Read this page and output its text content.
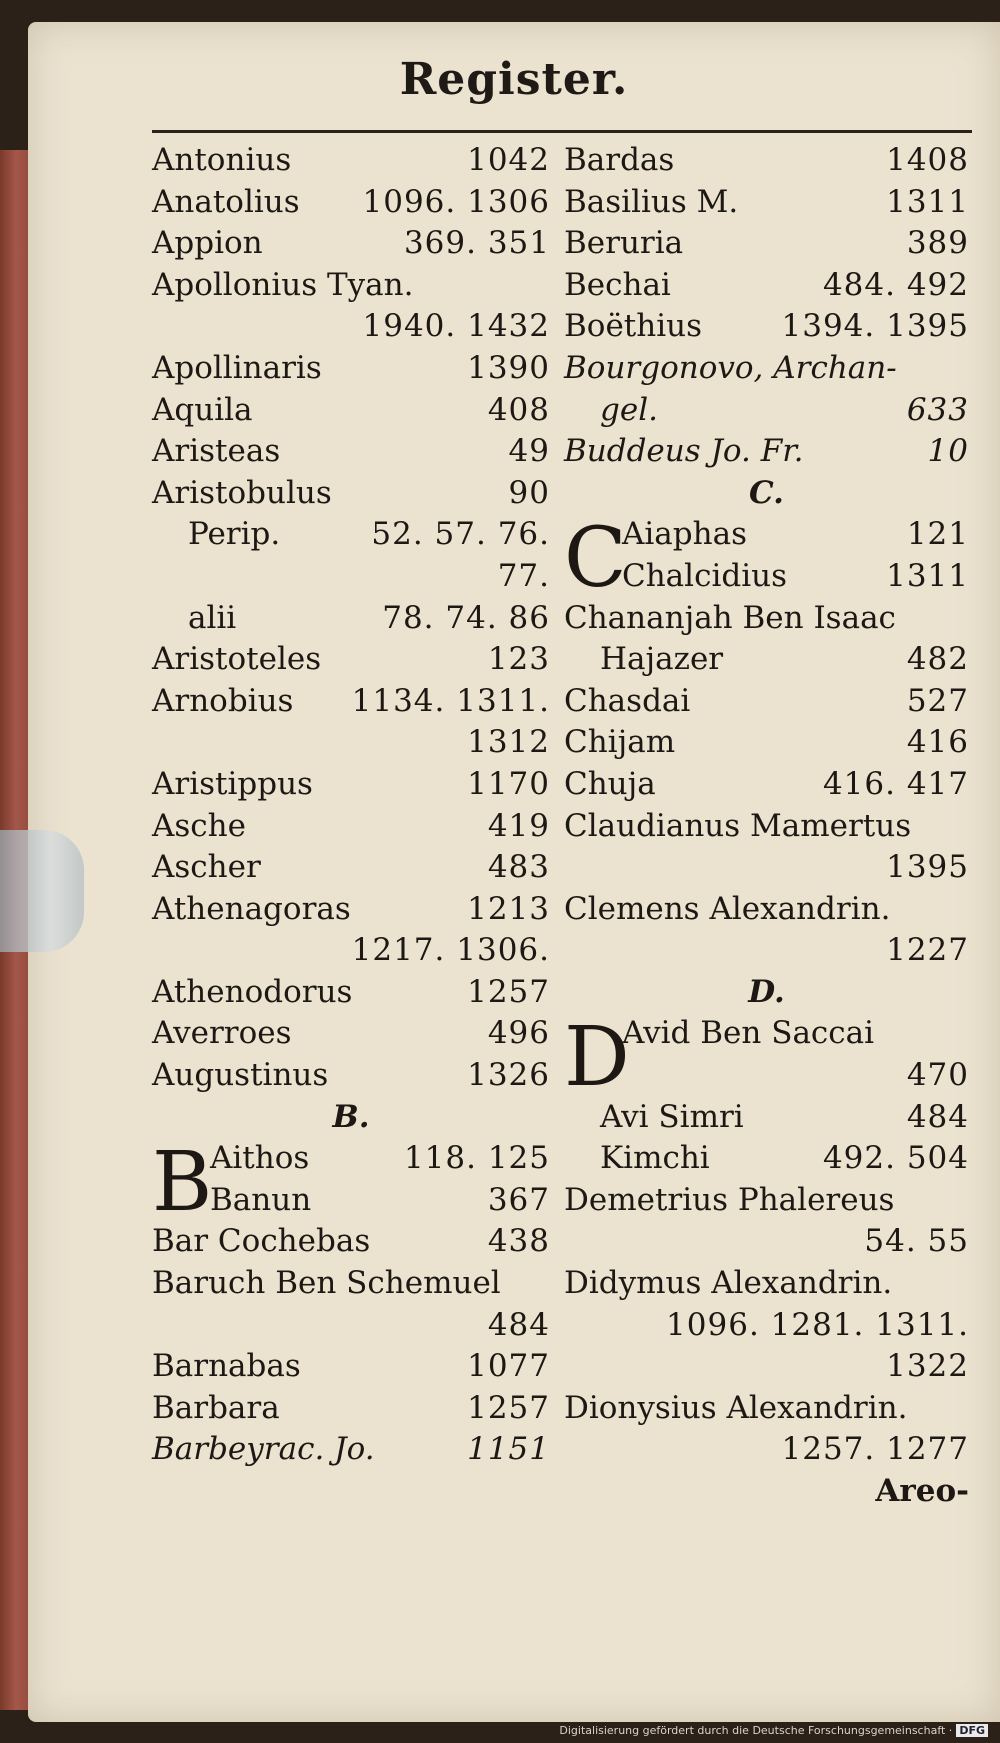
Register.
Antonius	1042
Anatolius 1096. 1306
Appion	369. 351
Apollonius Tyan.
1940. 1432
Apollinaris	1390
Aquila	408
Aristeas	49
Aristobulus	90
Perip.	52. 57. 76.
77.
alii	78. 74. 86
Aristoteles	123
Arnobius 1134. 1311.
1312
Aristippus	1170
Asche	419
Ascher	483
Athenagoras	1213
1217. 1306.
Athenodorus	1257
Averroes	496
Augustinus	1326
B.
B
Aithos	118. 125
Banun	367
Bar Cochebas	438
Baruch Ben Schemuel
484
Barnabas	1077
Barbara	1257
Barbeyrac. Jo.	1151
Bardas	1408
Basilius M.	1311
Beruria	389
Bechai	484. 492
Boëthius	1394. 1395
Bourgonovo, Archan-
gel.	633
Buddeus Jo. Fr.	10
C.
C
Aiaphas	121
Chalcidius	1311
Chananjah Ben Isaac
Hajazer	482
Chasdai	527
Chijam	416
Chuja	416. 417
Claudianus Mamertus
1395
Clemens Alexandrin.
1227
D.
D
Avid Ben Saccai
470
Avi Simri	484
Kimchi	492. 504
Demetrius Phalereus
54. 55
Didymus Alexandrin.
1096. 1281. 1311.
1322
Dionysius Alexandrin.
1257. 1277
Areo-
Digitalisierung gefördert durch die Deutsche Forschungsgemeinschaft · DFG
